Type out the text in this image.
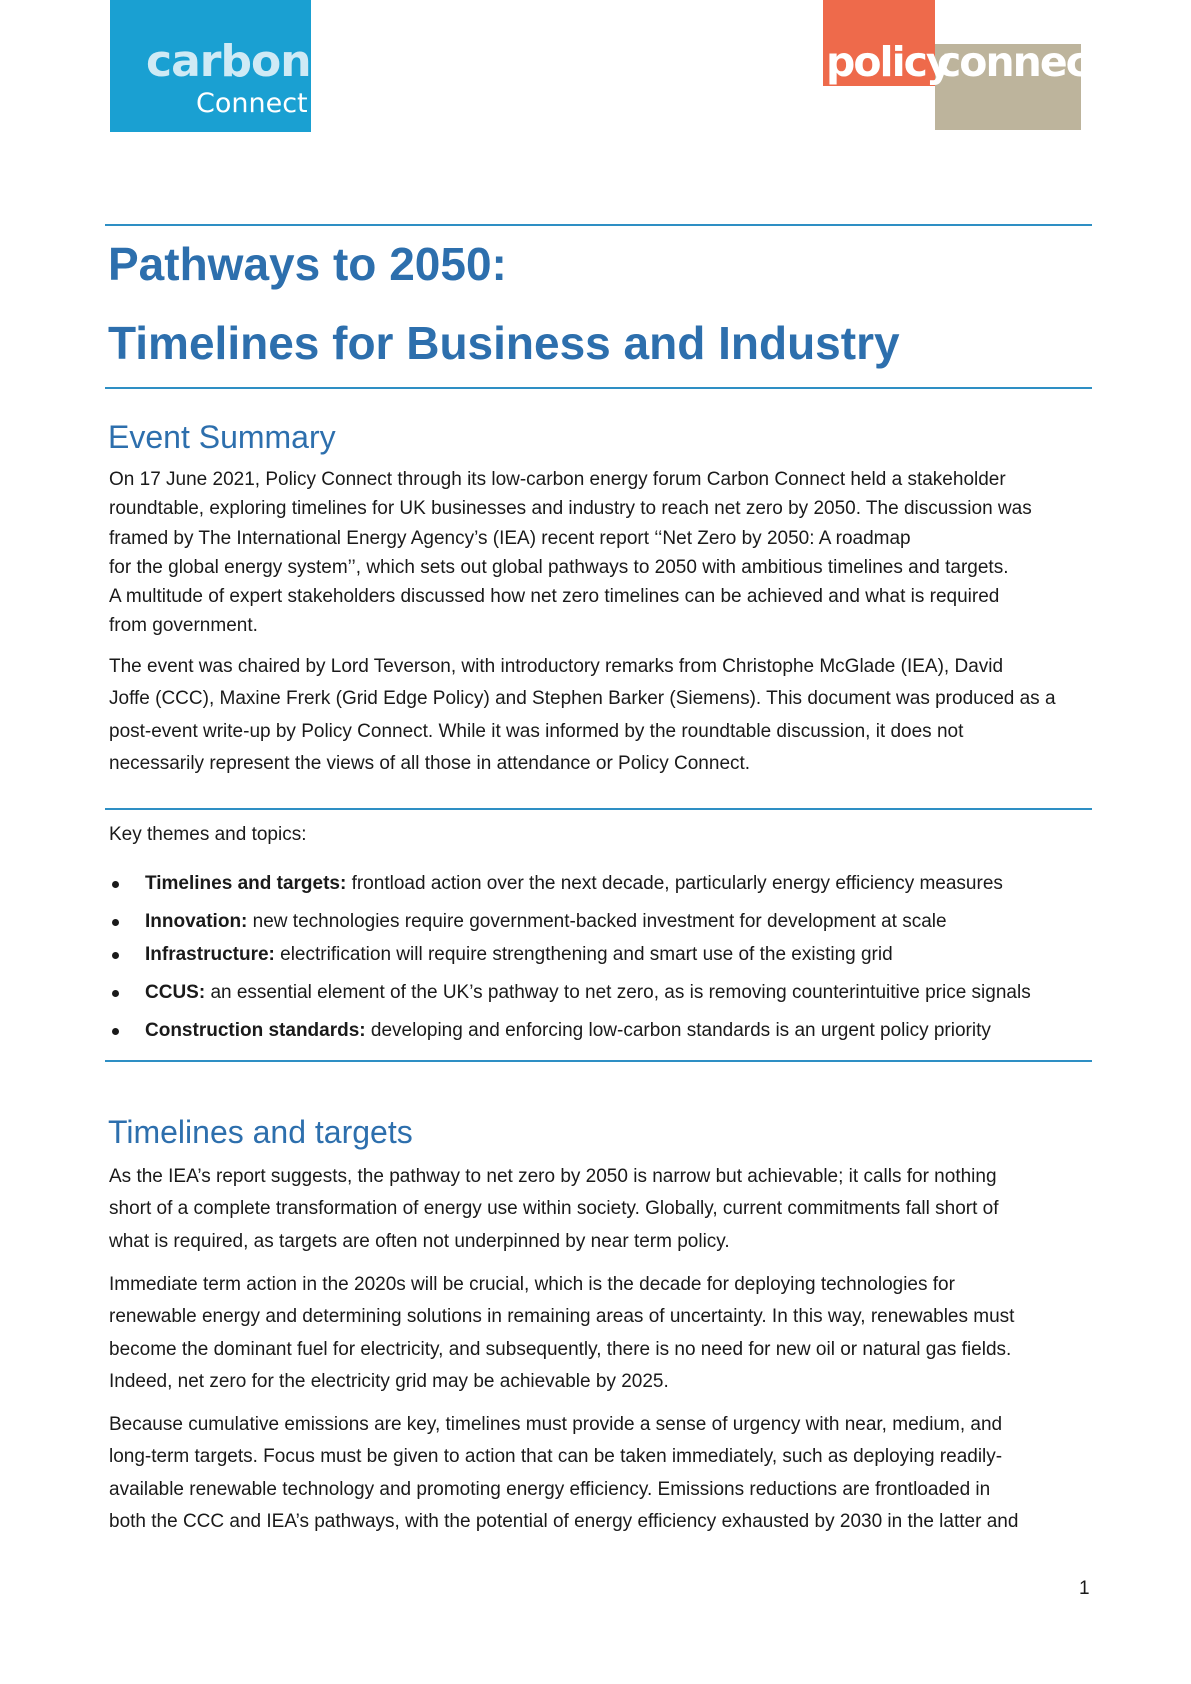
carbon
Connect
policy
connect
Pathways to 2050:
Timelines for Business and Industry
Event Summary

On 17 June 2021, Policy Connect through its low-carbon energy forum Carbon Connect held a stakeholder
roundtable, exploring timelines for UK businesses and industry to reach net zero by 2050. The discussion was
framed by The International Energy Agency’s (IEA) recent report ‘‘Net Zero by 2050: A roadmap
for the global energy system’’, which sets out global pathways to 2050 with ambitious timelines and targets.
A multitude of expert stakeholders discussed how net zero timelines can be achieved and what is required
from government.

The event was chaired by Lord Teverson, with introductory remarks from Christophe McGlade (IEA), David
Joffe (CCC), Maxine Frerk (Grid Edge Policy) and Stephen Barker (Siemens). This document was produced as a
post-event write-up by Policy Connect. While it was informed by the roundtable discussion, it does not
necessarily represent the views of all those in attendance or Policy Connect.

Key themes and topics:

Timelines and targets: frontload action over the next decade, particularly energy efficiency measures
Innovation: new technologies require government-backed investment for development at scale
Infrastructure: electrification will require strengthening and smart use of the existing grid
CCUS: an essential element of the UK’s pathway to net zero, as is removing counterintuitive price signals
Construction standards: developing and enforcing low-carbon standards is an urgent policy priority
Timelines and targets

As the IEA’s report suggests, the pathway to net zero by 2050 is narrow but achievable; it calls for nothing
short of a complete transformation of energy use within society. Globally, current commitments fall short of
what is required, as targets are often not underpinned by near term policy.

Immediate term action in the 2020s will be crucial, which is the decade for deploying technologies for
renewable energy and determining solutions in remaining areas of uncertainty. In this way, renewables must
become the dominant fuel for electricity, and subsequently, there is no need for new oil or natural gas fields.
Indeed, net zero for the electricity grid may be achievable by 2025.

Because cumulative emissions are key, timelines must provide a sense of urgency with near, medium, and
long-term targets. Focus must be given to action that can be taken immediately, such as deploying readily-
available renewable technology and promoting energy efficiency. Emissions reductions are frontloaded in
both the CCC and IEA’s pathways, with the potential of energy efficiency exhausted by 2030 in the latter and

1
